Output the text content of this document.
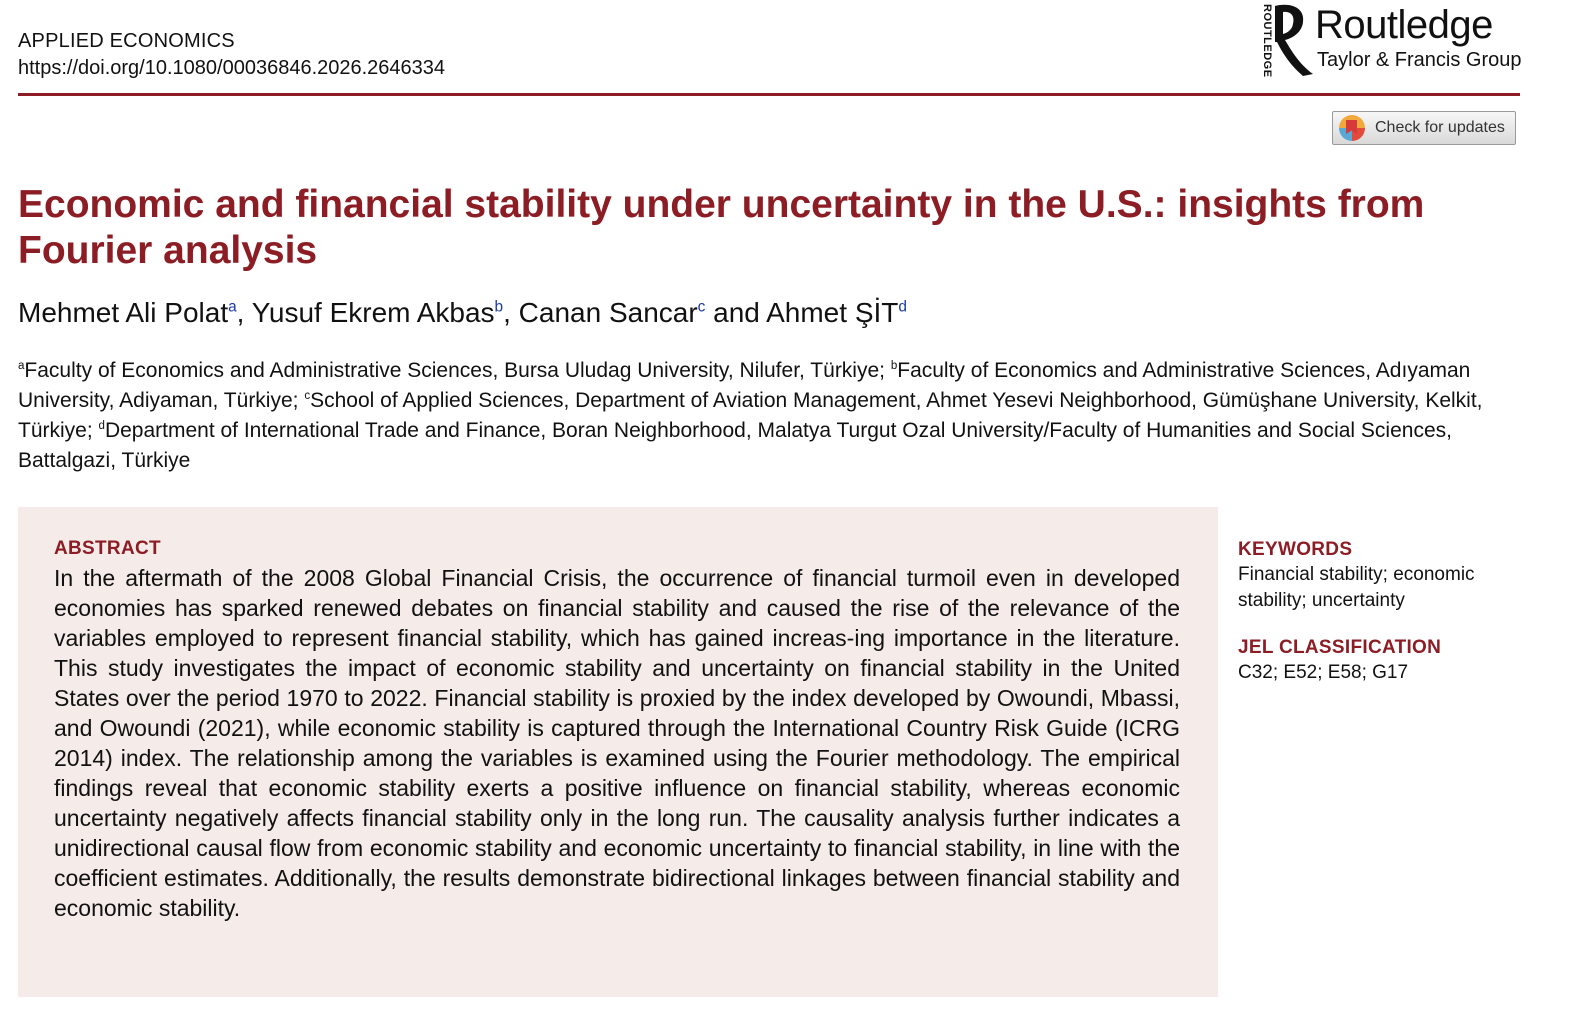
APPLIED ECONOMICS
https://doi.org/10.1080/00036846.2026.2646334	ROUTLEDGE Routledge
Taylor & Francis Group
Check for updates
Economic and financial stability under uncertainty in the U.S.: insights from Fourier analysis
Mehmet Ali Polat$^a$, Yusuf Ekrem Akbas$^b$, Canan Sancar$^c$ and Ahmet ŞİT$^d$
$^a$Faculty of Economics and Administrative Sciences, Bursa Uludag University, Nilufer, Türkiye; $^b$Faculty of Economics and Administrative Sciences, Adıyaman University, Adiyaman, Türkiye; $^c$School of Applied Sciences, Department of Aviation Management, Ahmet Yesevi Neighborhood, Gümüşhane University, Kelkit, Türkiye; $^d$Department of International Trade and Finance, Boran Neighborhood, Malatya Turgut Ozal University/Faculty of Humanities and Social Sciences, Battalgazi, Türkiye
ABSTRACT

In the aftermath of the 2008 Global Financial Crisis, the occurrence of financial turmoil even in developed economies has sparked renewed debates on financial stability and caused the rise of the relevance of the variables employed to represent financial stability, which has gained increas-ing importance in the literature. This study investigates the impact of economic stability and uncertainty on financial stability in the United States over the period 1970 to 2022. Financial stability is proxied by the index developed by Owoundi, Mbassi, and Owoundi (2021), while economic stability is captured through the International Country Risk Guide (ICRG 2014) index. The relationship among the variables is examined using the Fourier methodology. The empirical findings reveal that economic stability exerts a positive influence on financial stability, whereas economic uncertainty negatively affects financial stability only in the long run. The causality analysis further indicates a unidirectional causal flow from economic stability and economic uncertainty to financial stability, in line with the coefficient estimates. Additionally, the results demonstrate bidirectional linkages between financial stability and economic stability.

KEYWORDS
Financial stability; economic stability; uncertainty
JEL CLASSIFICATION
C32; E52; E58; G17
